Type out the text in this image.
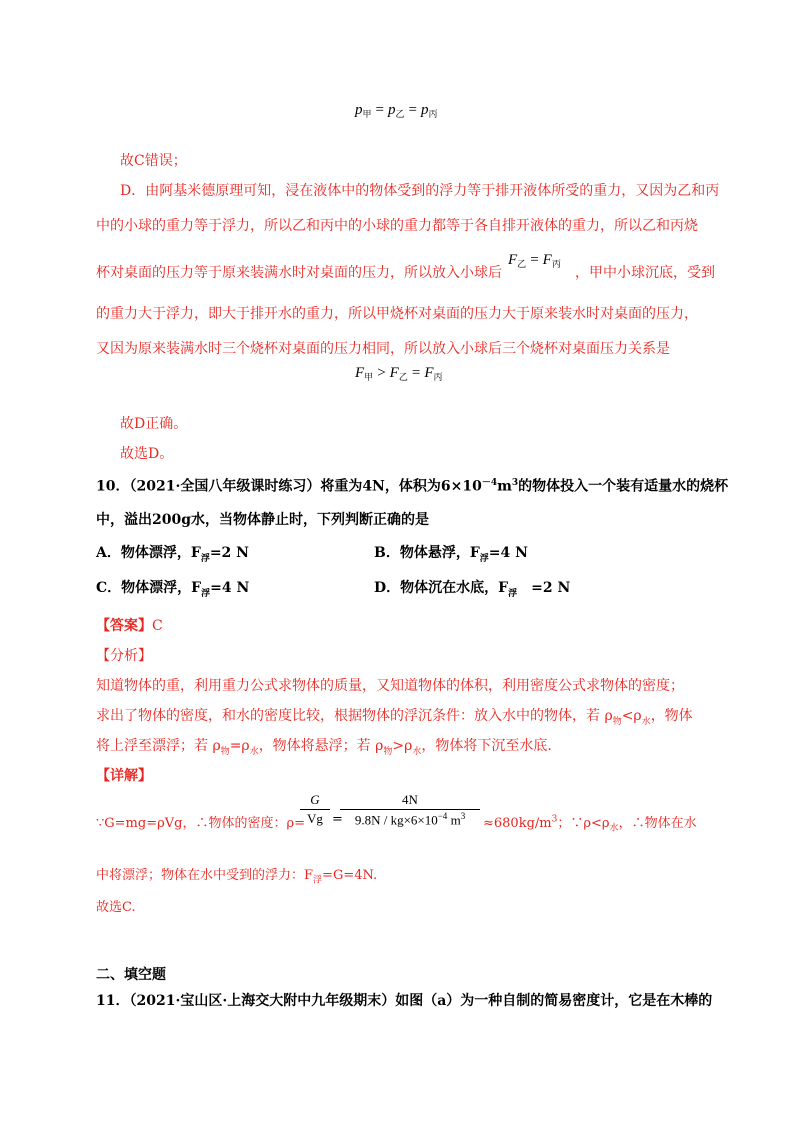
$p_甲 = p_乙 = p_丙$
故C错误；
D．由阿基米德原理可知，浸在液体中的物体受到的浮力等于排开液体所受的重力，又因为乙和丙
中的小球的重力等于浮力，所以乙和丙中的小球的重力都等于各自排开液体的重力，所以乙和丙烧
杯对桌面的压力等于原来装满水时对桌面的压力，所以放入小球后
$F_乙 = F_丙$
，甲中小球沉底，受到
的重力大于浮力，即大于排开水的重力，所以甲烧杯对桌面的压力大于原来装水时对桌面的压力，
又因为原来装满水时三个烧杯对桌面的压力相同，所以放入小球后三个烧杯对桌面压力关系是
$F_甲 > F_乙 = F_丙$
故D正确。
故选D。
10．（2021·全国八年级课时练习）将重为4N，体积为$6\times 10^{-4}m^3$的物体投入一个装有适量水的烧杯
中，溢出200g水，当物体静止时，下列判断正确的是
A．物体漂浮，$F_浮=2$ N	B．物体悬浮，$F_浮=4$ N
C．物体漂浮，$F_浮=4$ N	D．物体沉在水底，$F_浮 =2$ N
【答案】C
【分析】
知道物体的重，利用重力公式求物体的质量，又知道物体的体积，利用密度公式求物体的密度；
求出了物体的密度，和水的密度比较，根据物体的浮沉条件：放入水中的物体，若 $\rho_物<\rho_水$，物体
将上浮至漂浮；若 $\rho_物=\rho_水$，物体将悬浮；若 $\rho_物>\rho_水$，物体将下沉至水底.
【详解】
∵G=mg=ρVg，∴物体的密度：ρ=
G
Vg =
4N
$9.8N / kg\times 6\times 10^{-4}$ $m^3$	$\approx 680kg/m^3$；$\because\rho<\rho_水$，∴物体在水
中将漂浮；物体在水中受到的浮力：$F_浮=G=4N$.
故选C.
二、填空题
11．（2021·宝山区·上海交大附中九年级期末）如图（a）为一种自制的简易密度计，它是在木棒的
